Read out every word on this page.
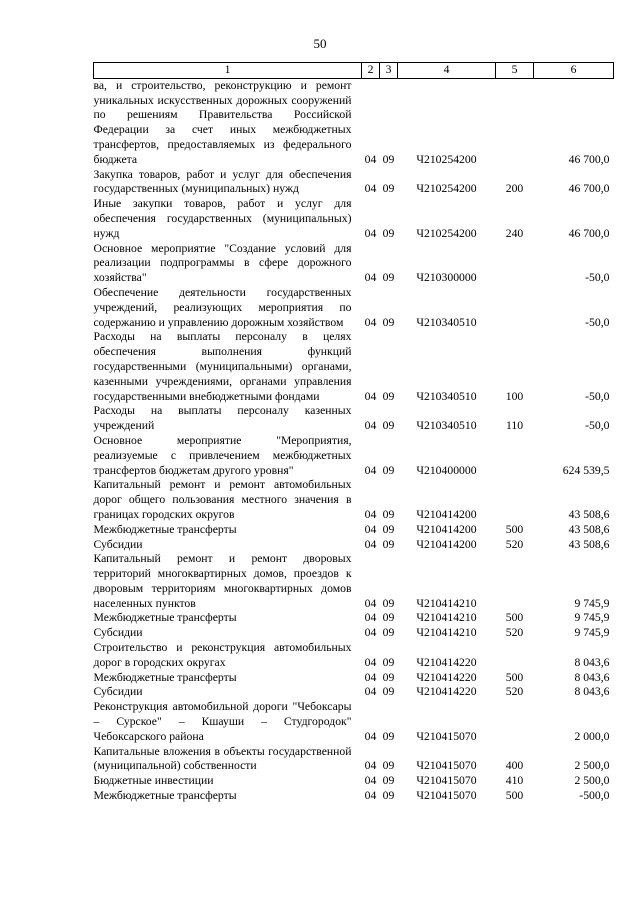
50
1	2	3	4	5	6
ва, и строительство, реконструкцию и ремонт уникальных искусственных дорожных сооружений по решениям Правительства Российской Федерации за счет иных межбюджетных трансфертов, предоставляемых из федерального бюджета	04	09	Ч210254200		46 700,0
Закупка товаров, работ и услуг для обеспечения государственных (муниципальных) нужд	04	09	Ч210254200	200	46 700,0
Иные закупки товаров, работ и услуг для обеспечения государственных (муниципальных) нужд	04	09	Ч210254200	240	46 700,0
Основное мероприятие "Создание условий для реализации подпрограммы в сфере дорожного хозяйства"	04	09	Ч210300000		-50,0
Обеспечение деятельности государственных учреждений, реализующих мероприятия по содержанию и управлению дорожным хозяйством	04	09	Ч210340510		-50,0
Расходы на выплаты персоналу в целях обеспечения выполнения функций государственными (муниципальными) органами, казенными учреждениями, органами управления государственными внебюджетными фондами	04	09	Ч210340510	100	-50,0
Расходы на выплаты персоналу казенных учреждений	04	09	Ч210340510	110	-50,0
Основное мероприятие "Мероприятия, реализуемые с привлечением межбюджетных трансфертов бюджетам другого уровня"	04	09	Ч210400000		624 539,5
Капитальный ремонт и ремонт автомобильных дорог общего пользования местного значения в границах городских округов	04	09	Ч210414200		43 508,6
Межбюджетные трансферты	04	09	Ч210414200	500	43 508,6
Субсидии	04	09	Ч210414200	520	43 508,6
Капитальный ремонт и ремонт дворовых территорий многоквартирных домов, проездов к дворовым территориям многоквартирных домов населенных пунктов	04	09	Ч210414210		9 745,9
Межбюджетные трансферты	04	09	Ч210414210	500	9 745,9
Субсидии	04	09	Ч210414210	520	9 745,9
Строительство и реконструкция автомобильных дорог в городских округах	04	09	Ч210414220		8 043,6
Межбюджетные трансферты	04	09	Ч210414220	500	8 043,6
Субсидии	04	09	Ч210414220	520	8 043,6
Реконструкция автомобильной дороги "Чебоксары – Сурское" – Кшауши – Студгородок" Чебоксарского района	04	09	Ч210415070		2 000,0
Капитальные вложения в объекты государственной (муниципальной) собственности	04	09	Ч210415070	400	2 500,0
Бюджетные инвестиции	04	09	Ч210415070	410	2 500,0
Межбюджетные трансферты	04	09	Ч210415070	500	-500,0
